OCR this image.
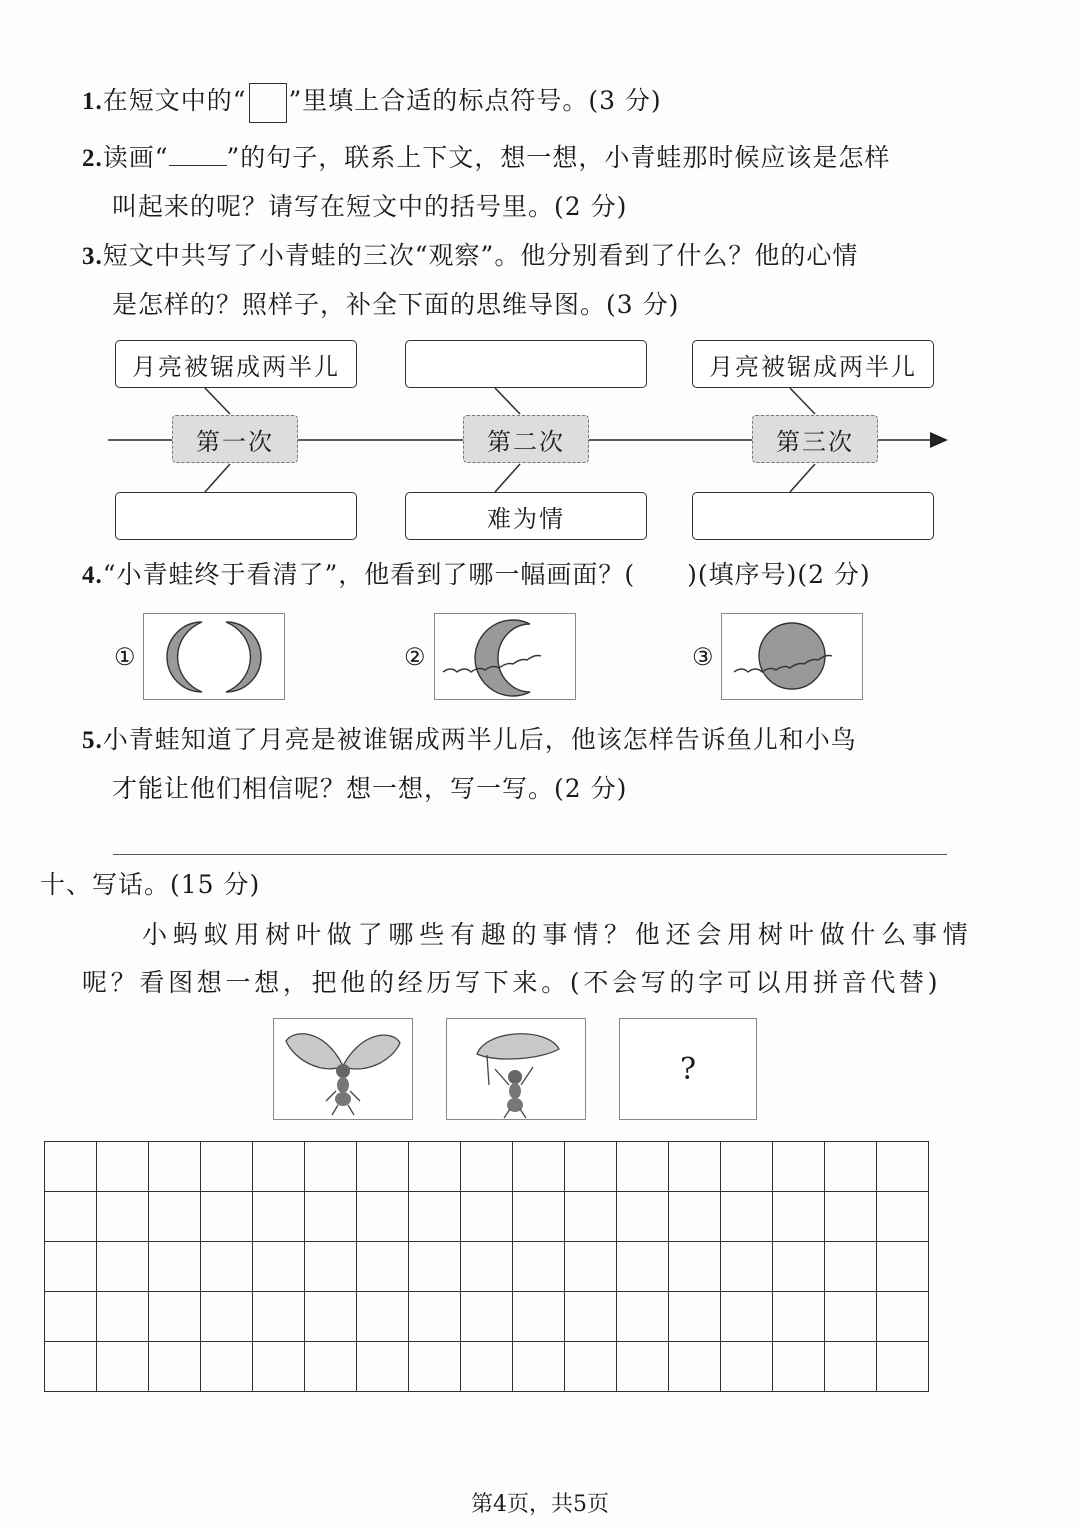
1.在短文中的“ ”里填上合适的标点符号。(3 分)
2.读画“ ”的句子，联系上下文，想一想，小青蛙那时候应该是怎样
叫起来的呢？请写在短文中的括号里。(2 分)
3.短文中共写了小青蛙的三次“观察”。他分别看到了什么？他的心情
是怎样的？照样子，补全下面的思维导图。(3 分)
月亮被锯成两半儿	月亮被锯成两半儿
第一次	第二次	第三次
难为情
4.“小青蛙终于看清了”，他看到了哪一幅画面？(　　)(填序号)(2 分)
①	②	③
5.小青蛙知道了月亮是被谁锯成两半儿后，他该怎样告诉鱼儿和小鸟
才能让他们相信呢？想一想，写一写。(2 分)
十、写话。(15 分)
小蚂蚁用树叶做了哪些有趣的事情？他还会用树叶做什么事情
呢？看图想一想，把他的经历写下来。(不会写的字可以用拼音代替)
?

第4页，共5页
